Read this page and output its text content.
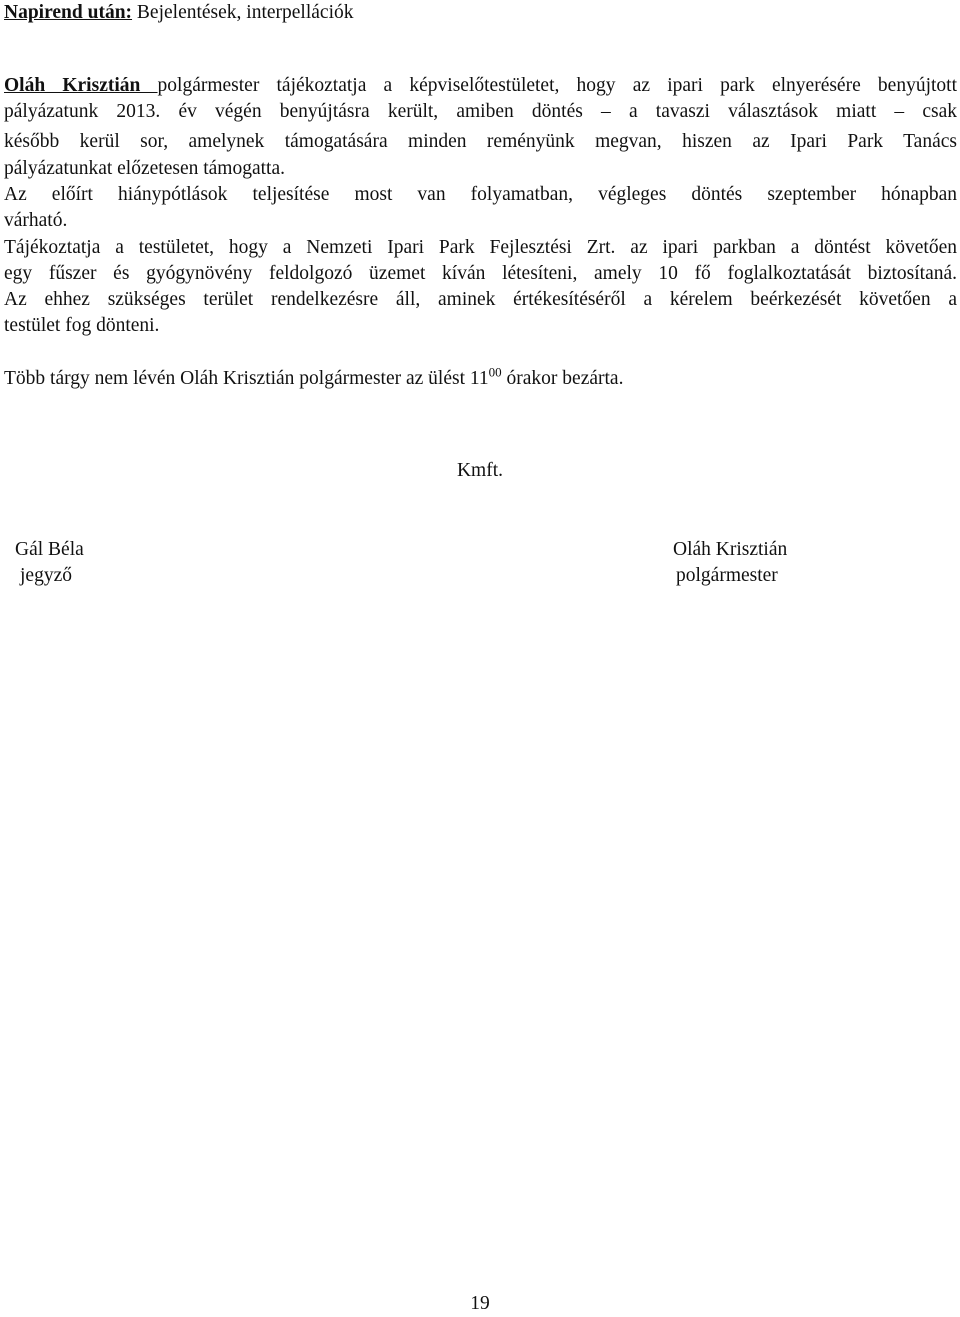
Napirend után: Bejelentések, interpellációk
Oláh Krisztián polgármester tájékoztatja a képviselőtestületet, hogy az ipari park elnyerésére benyújtott
pályázatunk 2013. év végén benyújtásra került, amiben döntés – a tavaszi választások miatt – csak
később kerül sor, amelynek támogatására minden reményünk megvan, hiszen az Ipari Park Tanács
pályázatunkat előzetesen támogatta.
Az előírt hiánypótlások teljesítése most van folyamatban, végleges döntés szeptember hónapban
várható.
Tájékoztatja a testületet, hogy a Nemzeti Ipari Park Fejlesztési Zrt. az ipari parkban a döntést követően
egy fűszer és gyógynövény feldolgozó üzemet kíván létesíteni, amely 10 fő foglalkoztatását biztosítaná.
Az ehhez szükséges terület rendelkezésre áll, aminek értékesítéséről a kérelem beérkezését követően a
testület fog dönteni.
Több tárgy nem lévén Oláh Krisztián polgármester az ülést $11^{00}$ órakor bezárta.
Kmft.
Gál Béla
jegyző
Oláh Krisztián
polgármester
19
